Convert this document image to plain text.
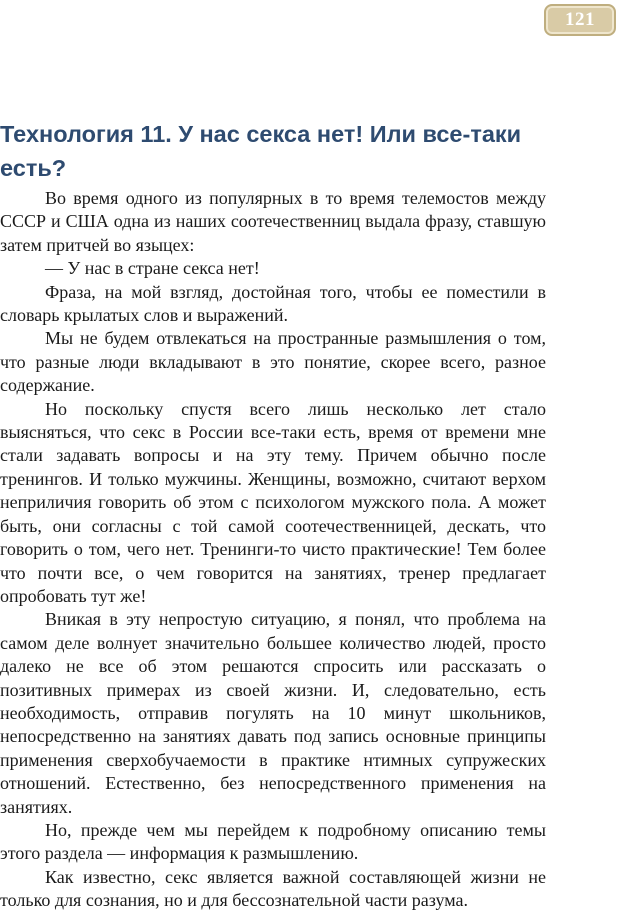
121
Технология 11. У нас секса нет! Или все-таки есть?

Во время одного из популярных в то время телемостов между СССР и США одна из наших соотечественниц выдала фразу, ставшую затем притчей во языцех:

— У нас в стране секса нет!

Фраза, на мой взгляд, достойная того, чтобы ее поместили в словарь крылатых слов и выражений.

Мы не будем отвлекаться на пространные размышления о том, что разные люди вкладывают в это понятие, скорее всего, разное содержание.

Но поскольку спустя всего лишь несколько лет стало выясняться, что секс в России все-таки есть, время от времени мне стали задавать вопросы и на эту тему. Причем обычно после тренингов. И только мужчины. Женщины, возможно, считают верхом неприличия говорить об этом с психологом мужского пола. А может быть, они согласны с той самой соотечественницей, дескать, что говорить о том, чего нет. Тренинги-то чисто практические! Тем более что почти все, о чем говорится на занятиях, тренер предлагает опробовать тут же!

Вникая в эту непростую ситуацию, я понял, что проблема на самом деле волнует значительно большее количество людей, просто далеко не все об этом решаются спросить или рассказать о позитивных примерах из своей жизни. И, следовательно, есть необходимость, отправив погулять на 10 минут школьников, непосредственно на занятиях давать под запись основные принципы применения сверхобучаемости в практике нтимных супружеских отношений. Естественно, без непосредственного применения на занятиях.

Но, прежде чем мы перейдем к подробному описанию темы этого раздела — информация к размышлению.

Как известно, секс является важной составляющей жизни не только для сознания, но и для бессознательной части разума.
